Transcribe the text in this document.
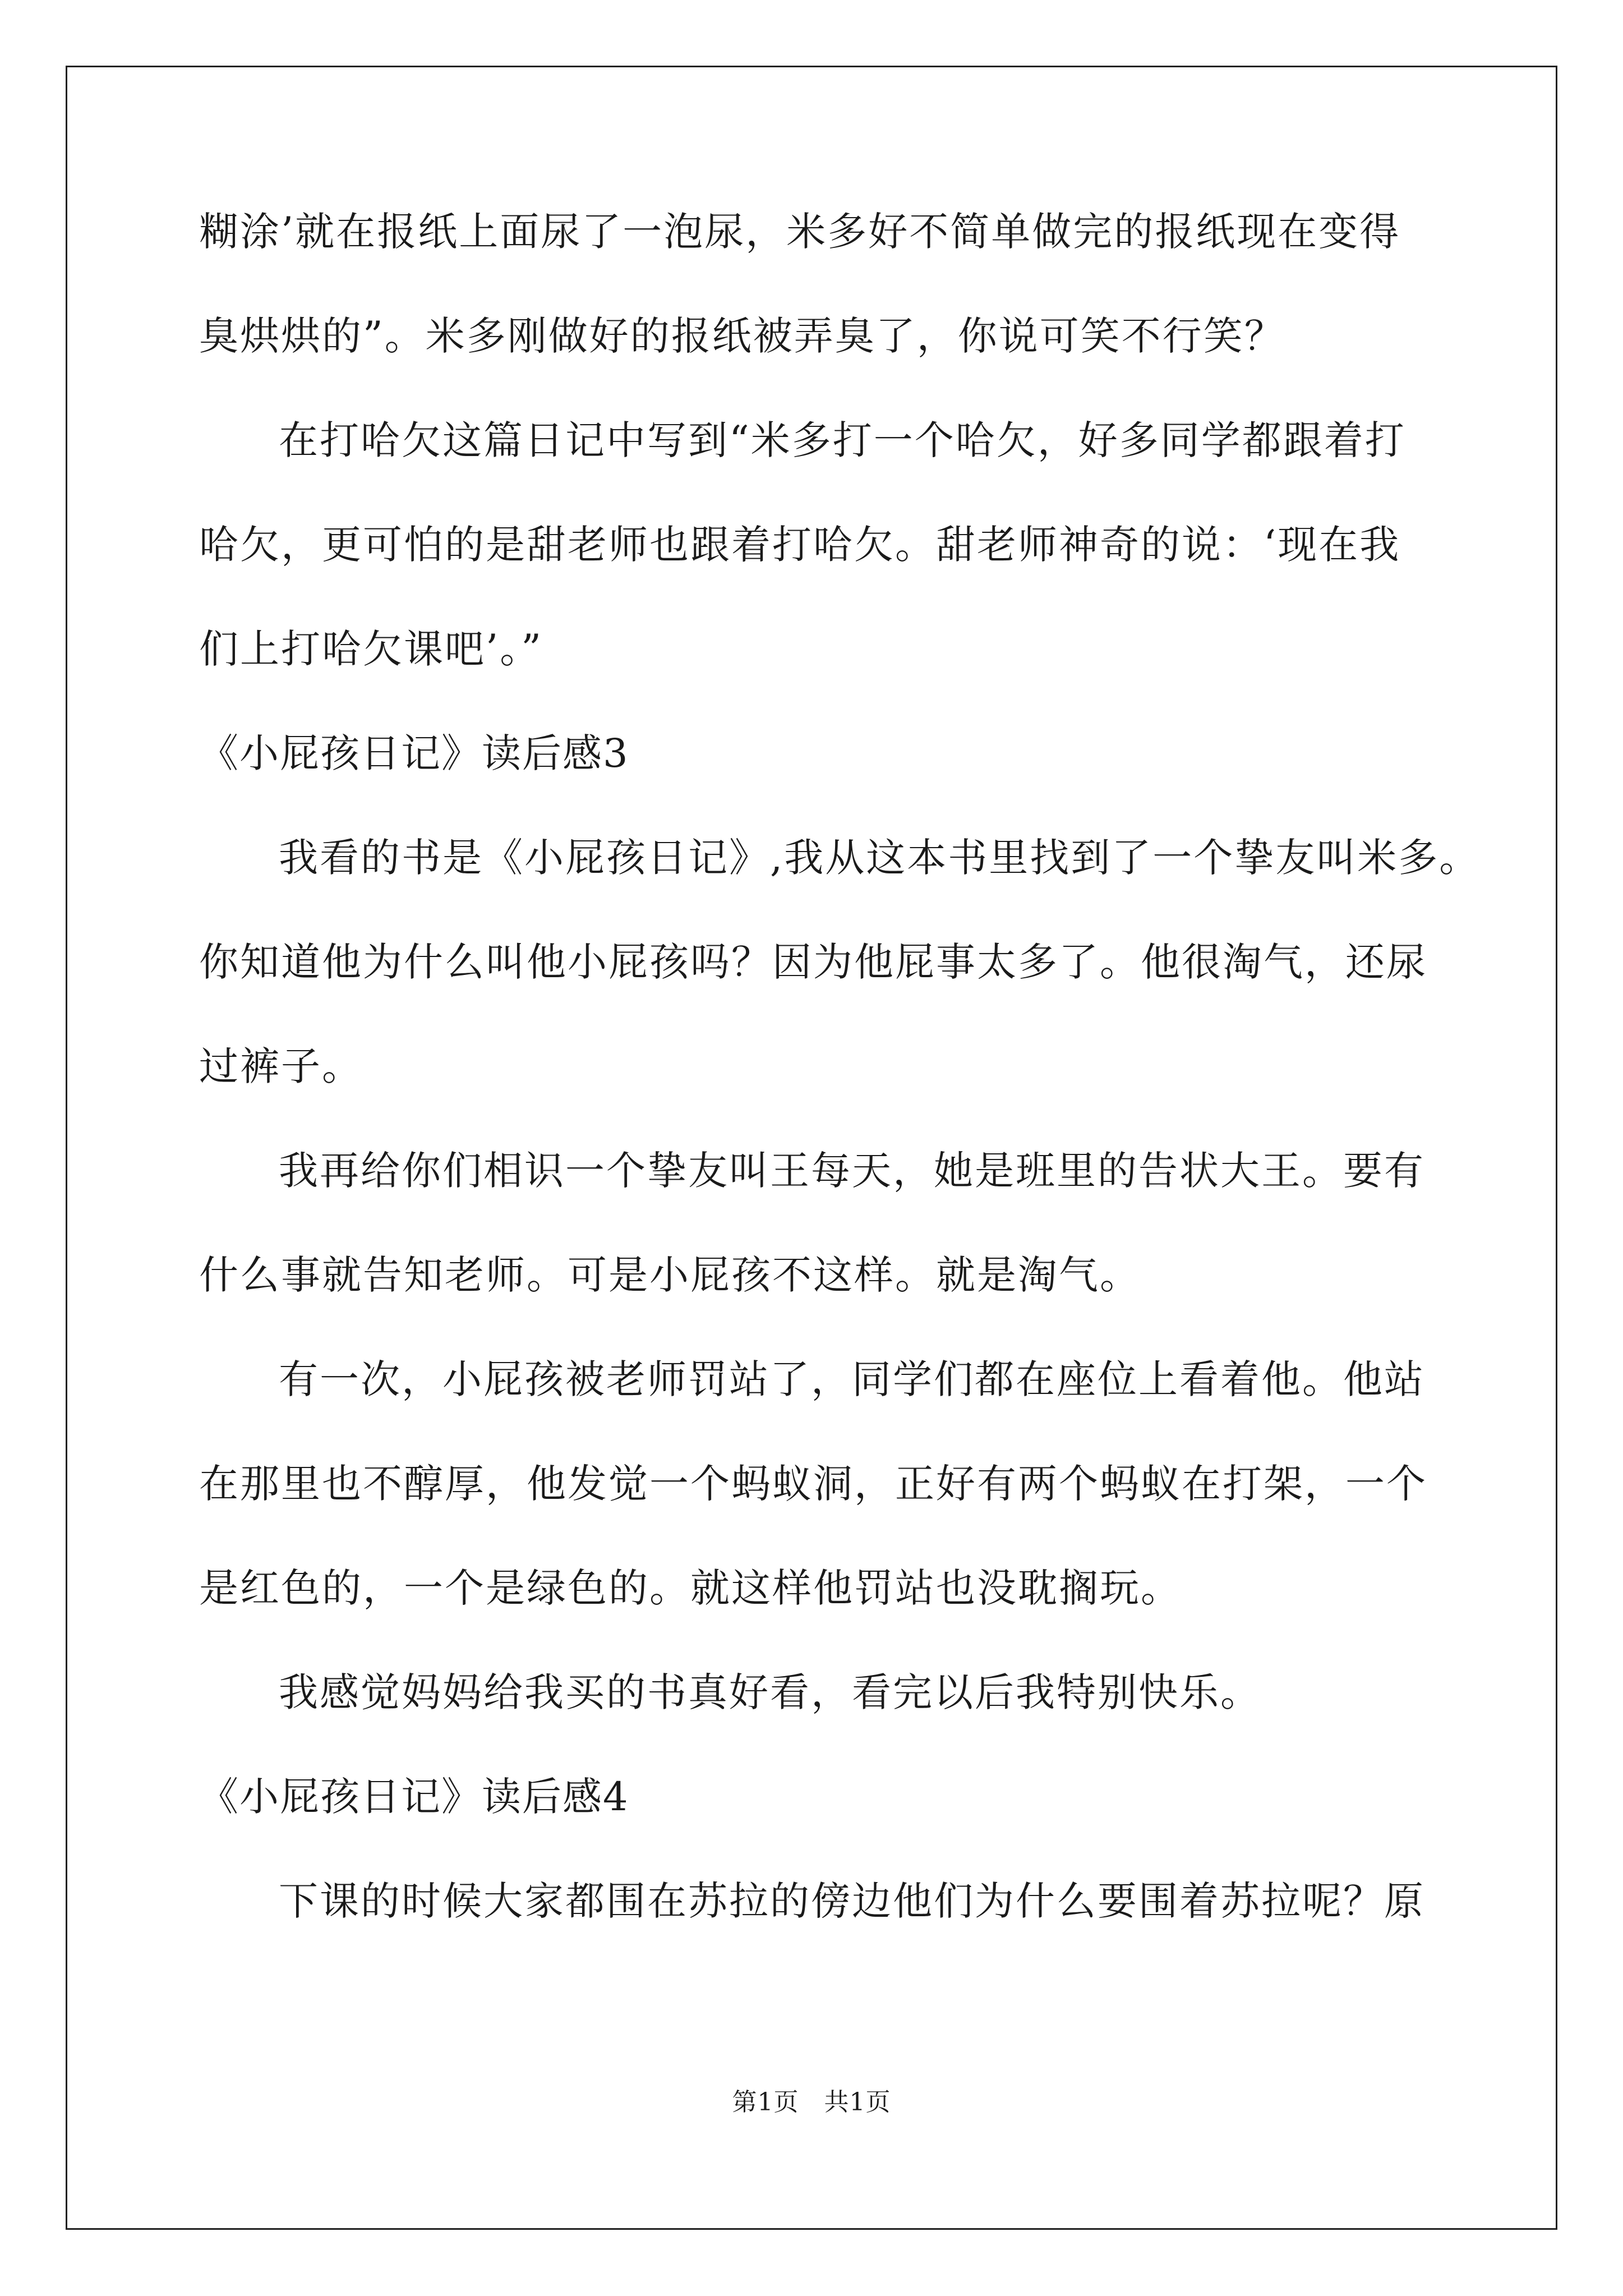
糊涂’就在报纸上面尿了一泡尿，米多好不简单做完的报纸现在变得
臭烘烘的”。米多刚做好的报纸被弄臭了，你说可笑不行笑？
在打哈欠这篇日记中写到“米多打一个哈欠，好多同学都跟着打
哈欠，更可怕的是甜老师也跟着打哈欠。甜老师神奇的说：‘现在我
们上打哈欠课吧’。”
《小屁孩日记》读后感3
我看的书是《小屁孩日记》,我从这本书里找到了一个挚友叫米多。
你知道他为什么叫他小屁孩吗？因为他屁事太多了。他很淘气，还尿
过裤子。
我再给你们相识一个挚友叫王每天，她是班里的告状大王。要有
什么事就告知老师。可是小屁孩不这样。就是淘气。
有一次，小屁孩被老师罚站了，同学们都在座位上看着他。他站
在那里也不醇厚，他发觉一个蚂蚁洞，正好有两个蚂蚁在打架，一个
是红色的，一个是绿色的。就这样他罚站也没耽搁玩。
我感觉妈妈给我买的书真好看，看完以后我特别快乐。
《小屁孩日记》读后感4
下课的时候大家都围在苏拉的傍边他们为什么要围着苏拉呢？原
第1页　共1页
